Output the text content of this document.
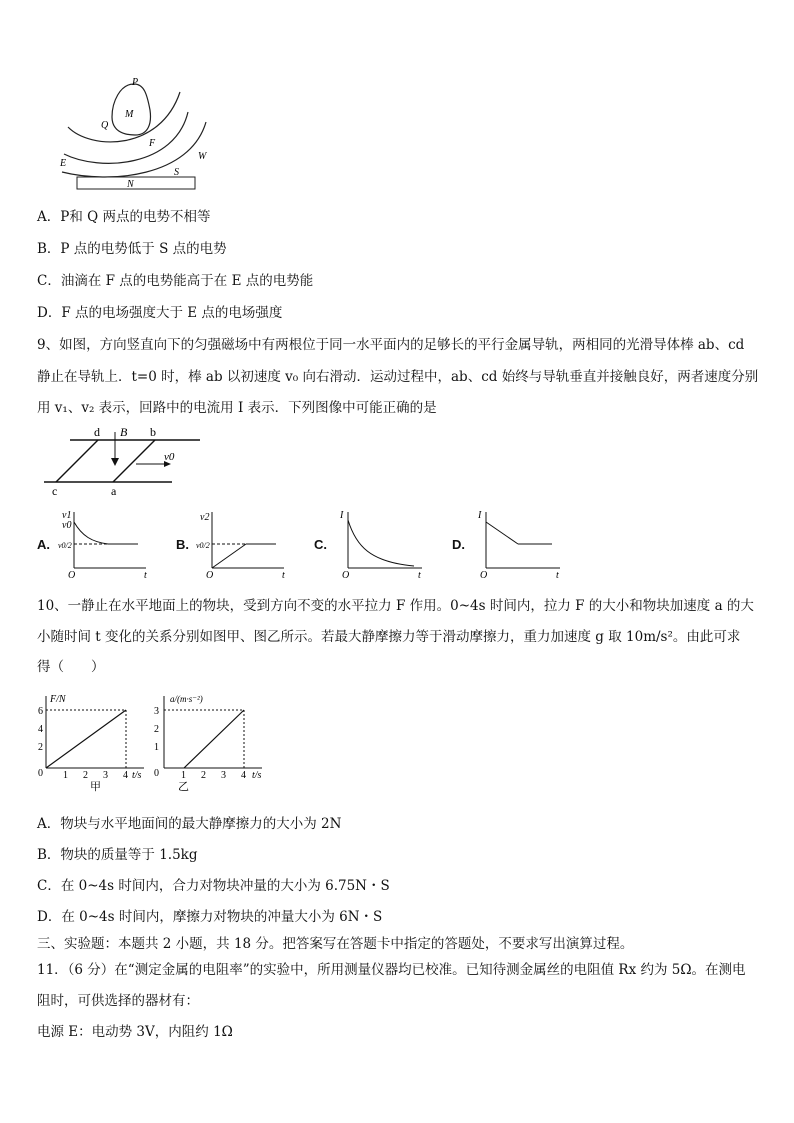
P
M
Q
F
E
W
S
N
A．P和 Q 两点的电势不相等
B．P 点的电势低于 S 点的电势
C．油滴在 F 点的电势能高于在 E 点的电势能
D．F 点的电场强度大于 E 点的电场强度
9、如图，方向竖直向下的匀强磁场中有两根位于同一水平面内的足够长的平行金属导轨，两相同的光滑导体棒 ab、cd
静止在导轨上．t=0 时，棒 ab 以初速度 v₀ 向右滑动．运动过程中，ab、cd 始终与导轨垂直并接触良好，两者速度分别
用 v₁、v₂ 表示，回路中的电流用 I 表示．下列图像中可能正确的是
d B b
v0
c	a
A.
v1
v0
v0/2
O	t
B.
v2
v0/2
O	t
C.
I
O	t
D.
I
O	t
10、一静止在水平地面上的物块，受到方向不变的水平拉力 F 作用。0~4s 时间内，拉力 F 的大小和物块加速度 a 的大
小随时间 t 变化的关系分别如图甲、图乙所示。若最大静摩擦力等于滑动摩擦力，重力加速度 g 取 10m/s²。由此可求
得（　　）
F/N
t/s
6
4
2
0 1 2 3 4
甲
a/(m·s⁻²)
t/s
3
2
1
0 1 2 3 4
乙
A．物块与水平地面间的最大静摩擦力的大小为 2N
B．物块的质量等于 1.5kg
C．在 0~4s 时间内，合力对物块冲量的大小为 6.75N・S
D．在 0~4s 时间内，摩擦力对物块的冲量大小为 6N・S
三、实验题：本题共 2 小题，共 18 分。把答案写在答题卡中指定的答题处，不要求写出演算过程。
11．（6 分）在“测定金属的电阻率”的实验中，所用测量仪器均已校准。已知待测金属丝的电阻值 Rx 约为 5Ω。在测电
阻时，可供选择的器材有：
电源 E：电动势 3V，内阻约 1Ω
